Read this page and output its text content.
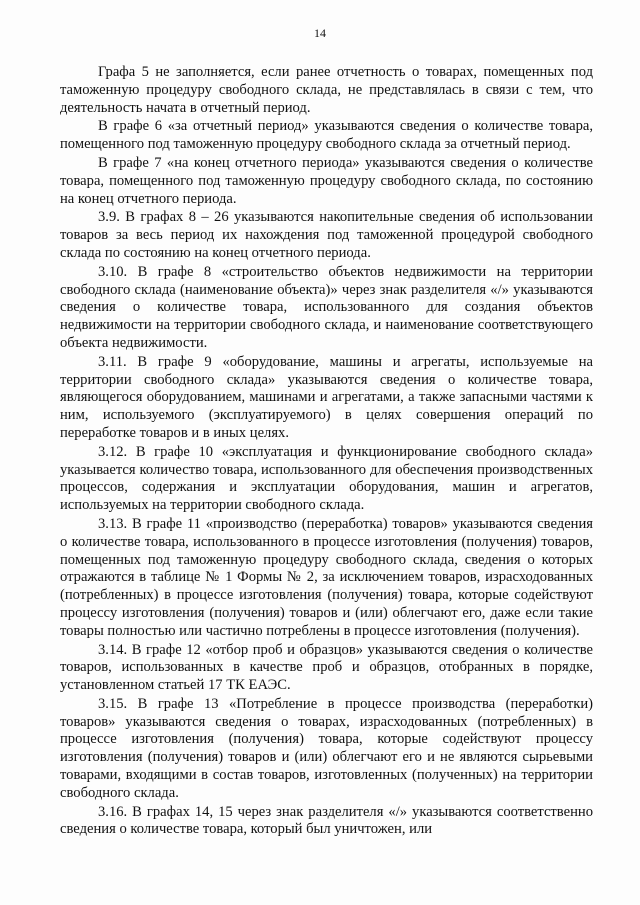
14

Графа 5 не заполняется, если ранее отчетность о товарах, помещенных под таможенную процедуру свободного склада, не представлялась в связи с тем, что деятельность начата в отчетный период.

В графе 6 «за отчетный период» указываются сведения о количестве товара, помещенного под таможенную процедуру свободного склада за отчетный период.

В графе 7 «на конец отчетного периода» указываются сведения о количестве товара, помещенного под таможенную процедуру свободного склада, по состоянию на конец отчетного периода.

3.9. В графах 8 – 26 указываются накопительные сведения об использовании товаров за весь период их нахождения под таможенной процедурой свободного склада по состоянию на конец отчетного периода.

3.10. В графе 8 «строительство объектов недвижимости на территории свободного склада (наименование объекта)» через знак разделителя «/» указываются сведения о количестве товара, использованного для создания объектов недвижимости на территории свободного склада, и наименование соответствующего объекта недвижимости.

3.11. В графе 9 «оборудование, машины и агрегаты, используемые на территории свободного склада» указываются сведения о количестве товара, являющегося оборудованием, машинами и агрегатами, а также запасными частями к ним, используемого (эксплуатируемого) в целях совершения операций по переработке товаров и в иных целях.

3.12. В графе 10 «эксплуатация и функционирование свободного склада» указывается количество товара, использованного для обеспечения производственных процессов, содержания и эксплуатации оборудования, машин и агрегатов, используемых на территории свободного склада.

3.13. В графе 11 «производство (переработка) товаров» указываются сведения о количестве товара, использованного в процессе изготовления (получения) товаров, помещенных под таможенную процедуру свободного склада, сведения о которых отражаются в таблице № 1 Формы № 2, за исключением товаров, израсходованных (потребленных) в процессе изготовления (получения) товара, которые содействуют процессу изготовления (получения) товаров и (или) облегчают его, даже если такие товары полностью или частично потреблены в процессе изготовления (получения).

3.14. В графе 12 «отбор проб и образцов» указываются сведения о количестве товаров, использованных в качестве проб и образцов, отобранных в порядке, установленном статьей 17 ТК ЕАЭС.

3.15. В графе 13 «Потребление в процессе производства (переработки) товаров» указываются сведения о товарах, израсходованных (потребленных) в процессе изготовления (получения) товара, которые содействуют процессу изготовления (получения) товаров и (или) облегчают его и не являются сырьевыми товарами, входящими в состав товаров, изготовленных (полученных) на территории свободного склада.

3.16. В графах 14, 15 через знак разделителя «/» указываются соответственно сведения о количестве товара, который был уничтожен, или
